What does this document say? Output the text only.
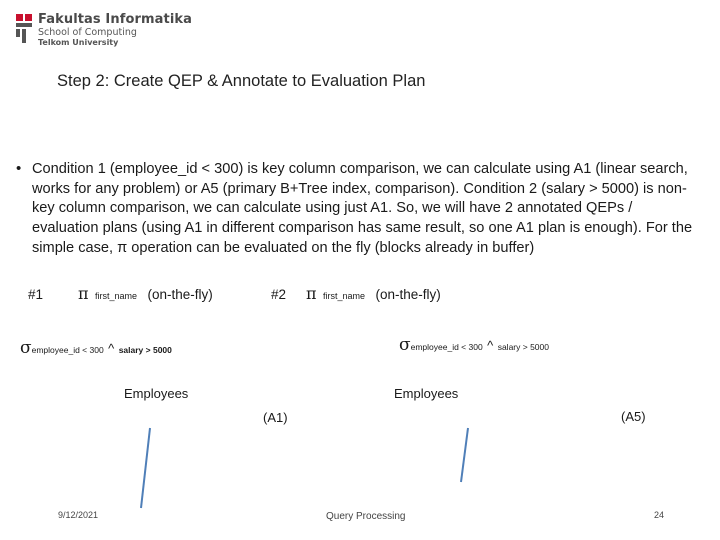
Fakultas Informatika
School of Computing
Telkom University
Step 2: Create QEP & Annotate to Evaluation Plan
• Condition 1 (employee_id < 300) is key column comparison, we can calculate using A1 (linear search, works for any problem) or A5 (primary B+Tree index, comparison). Condition 2 (salary > 5000) is non-key column comparison, we can calculate using just A1. So, we will have 2 annotated QEPs / evaluation plans (using A1 in different comparison has same result, so one A1 plan is enough). For the simple case, π operation can be evaluated on the fly (blocks already in buffer)
#1 π first_name (on-the-fly)
σemployee_id < 300 ^ salary > 5000
Employees
(A1)
#2 π first_name (on-the-fly)
σemployee_id < 300 ^ salary > 5000
Employees
(A5)
9/12/2021	Query Processing	24
